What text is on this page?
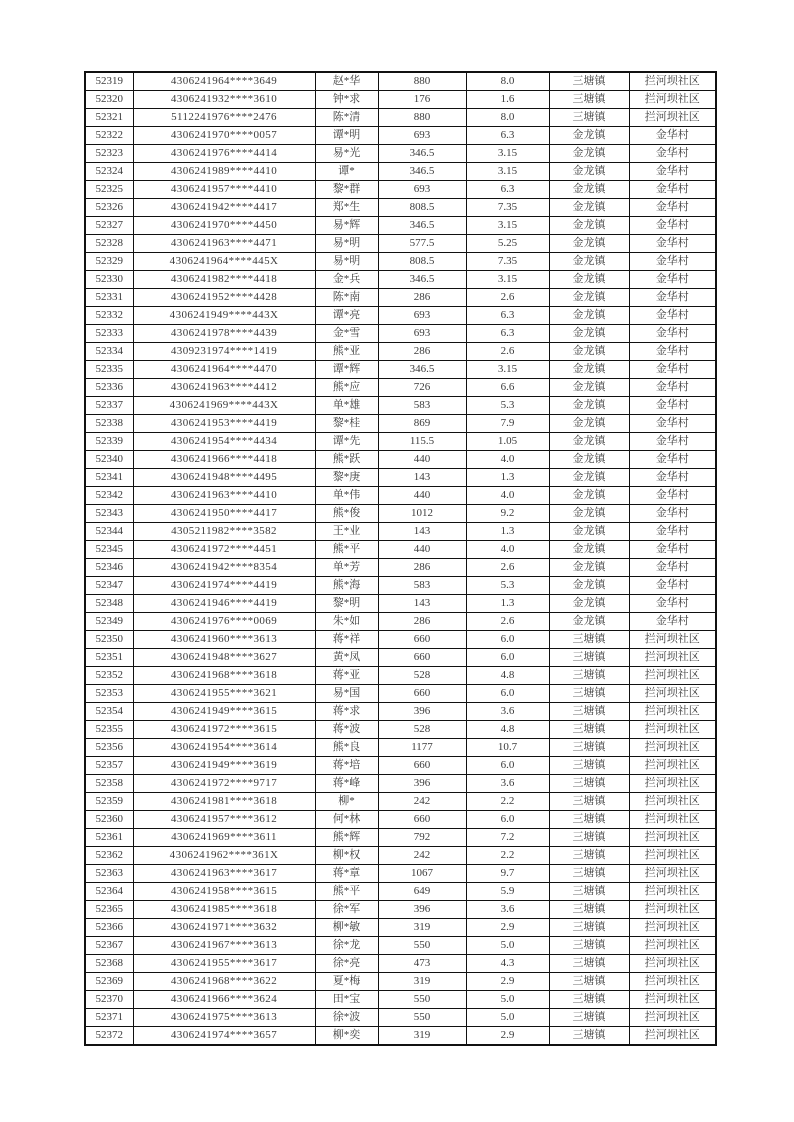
52319	4306241964****3649	赵*华	880	8.0	三塘镇	拦河坝社区
52320	4306241932****3610	钟*求	176	1.6	三塘镇	拦河坝社区
52321	5112241976****2476	陈*清	880	8.0	三塘镇	拦河坝社区
52322	4306241970****0057	谭*明	693	6.3	金龙镇	金华村
52323	4306241976****4414	易*光	346.5	3.15	金龙镇	金华村
52324	4306241989****4410	谭*	346.5	3.15	金龙镇	金华村
52325	4306241957****4410	黎*群	693	6.3	金龙镇	金华村
52326	4306241942****4417	郑*生	808.5	7.35	金龙镇	金华村
52327	4306241970****4450	易*辉	346.5	3.15	金龙镇	金华村
52328	4306241963****4471	易*明	577.5	5.25	金龙镇	金华村
52329	4306241964****445X	易*明	808.5	7.35	金龙镇	金华村
52330	4306241982****4418	金*兵	346.5	3.15	金龙镇	金华村
52331	4306241952****4428	陈*南	286	2.6	金龙镇	金华村
52332	4306241949****443X	谭*亮	693	6.3	金龙镇	金华村
52333	4306241978****4439	金*雪	693	6.3	金龙镇	金华村
52334	4309231974****1419	熊*亚	286	2.6	金龙镇	金华村
52335	4306241964****4470	谭*辉	346.5	3.15	金龙镇	金华村
52336	4306241963****4412	熊*应	726	6.6	金龙镇	金华村
52337	4306241969****443X	单*雄	583	5.3	金龙镇	金华村
52338	4306241953****4419	黎*桂	869	7.9	金龙镇	金华村
52339	4306241954****4434	谭*先	115.5	1.05	金龙镇	金华村
52340	4306241966****4418	熊*跃	440	4.0	金龙镇	金华村
52341	4306241948****4495	黎*庚	143	1.3	金龙镇	金华村
52342	4306241963****4410	单*伟	440	4.0	金龙镇	金华村
52343	4306241950****4417	熊*俊	1012	9.2	金龙镇	金华村
52344	4305211982****3582	王*业	143	1.3	金龙镇	金华村
52345	4306241972****4451	熊*平	440	4.0	金龙镇	金华村
52346	4306241942****8354	单*芳	286	2.6	金龙镇	金华村
52347	4306241974****4419	熊*海	583	5.3	金龙镇	金华村
52348	4306241946****4419	黎*明	143	1.3	金龙镇	金华村
52349	4306241976****0069	朱*如	286	2.6	金龙镇	金华村
52350	4306241960****3613	蒋*祥	660	6.0	三塘镇	拦河坝社区
52351	4306241948****3627	黄*凤	660	6.0	三塘镇	拦河坝社区
52352	4306241968****3618	蒋*亚	528	4.8	三塘镇	拦河坝社区
52353	4306241955****3621	易*国	660	6.0	三塘镇	拦河坝社区
52354	4306241949****3615	蒋*求	396	3.6	三塘镇	拦河坝社区
52355	4306241972****3615	蒋*波	528	4.8	三塘镇	拦河坝社区
52356	4306241954****3614	熊*良	1177	10.7	三塘镇	拦河坝社区
52357	4306241949****3619	蒋*培	660	6.0	三塘镇	拦河坝社区
52358	4306241972****9717	蒋*峰	396	3.6	三塘镇	拦河坝社区
52359	4306241981****3618	柳*	242	2.2	三塘镇	拦河坝社区
52360	4306241957****3612	何*林	660	6.0	三塘镇	拦河坝社区
52361	4306241969****3611	熊*辉	792	7.2	三塘镇	拦河坝社区
52362	4306241962****361X	柳*权	242	2.2	三塘镇	拦河坝社区
52363	4306241963****3617	蒋*章	1067	9.7	三塘镇	拦河坝社区
52364	4306241958****3615	熊*平	649	5.9	三塘镇	拦河坝社区
52365	4306241985****3618	徐*军	396	3.6	三塘镇	拦河坝社区
52366	4306241971****3632	柳*敏	319	2.9	三塘镇	拦河坝社区
52367	4306241967****3613	徐*龙	550	5.0	三塘镇	拦河坝社区
52368	4306241955****3617	徐*亮	473	4.3	三塘镇	拦河坝社区
52369	4306241968****3622	夏*梅	319	2.9	三塘镇	拦河坝社区
52370	4306241966****3624	田*宝	550	5.0	三塘镇	拦河坝社区
52371	4306241975****3613	徐*波	550	5.0	三塘镇	拦河坝社区
52372	4306241974****3657	柳*奕	319	2.9	三塘镇	拦河坝社区
